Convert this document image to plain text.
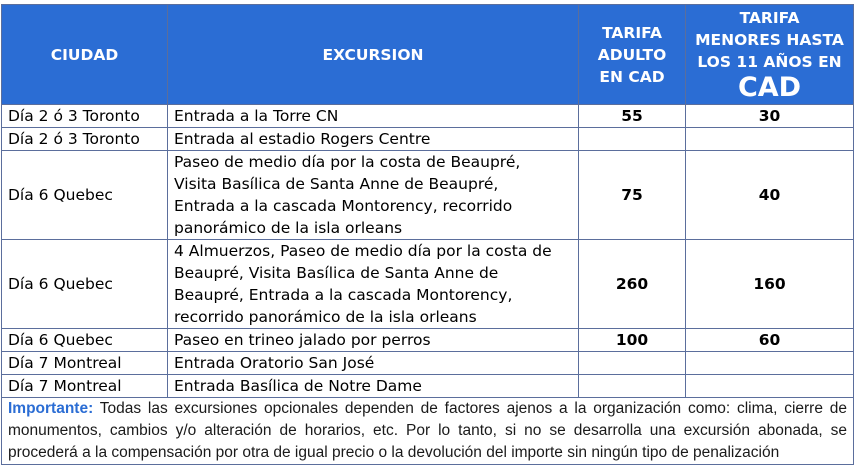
CIUDAD	EXCURSION	TARIFA
ADULTO
EN CAD	TARIFA
MENORES HASTA
LOS 11 AÑOS EN
CAD

Día 2 ó 3 Toronto	Entrada a la Torre CN	55	30
Día 2 ó 3 Toronto	Entrada al estadio Rogers Centre		
Día 6 Quebec	Paseo de medio día por la costa de Beaupré,
Visita Basílica de Santa Anne de Beaupré,
Entrada a la cascada Montorency, recorrido
panorámico de la isla orleans	75	40
Día 6 Quebec	4 Almuerzos, Paseo de medio día por la costa de
Beaupré, Visita Basílica de Santa Anne de
Beaupré, Entrada a la cascada Montorency,
recorrido panorámico de la isla orleans	260	160
Día 6 Quebec	Paseo en trineo jalado por perros	100	60
Día 7 Montreal	Entrada Oratorio San José		
Día 7 Montreal	Entrada Basílica de Notre Dame		
Importante: Todas las excursiones opcionales dependen de factores ajenos a la organización como: clima, cierre de monumentos, cambios y/o alteración de horarios, etc. Por lo tanto, si no se desarrolla una excursión abonada, se procederá a la compensación por otra de igual precio o la devolución del importe sin ningún tipo de penalización			
